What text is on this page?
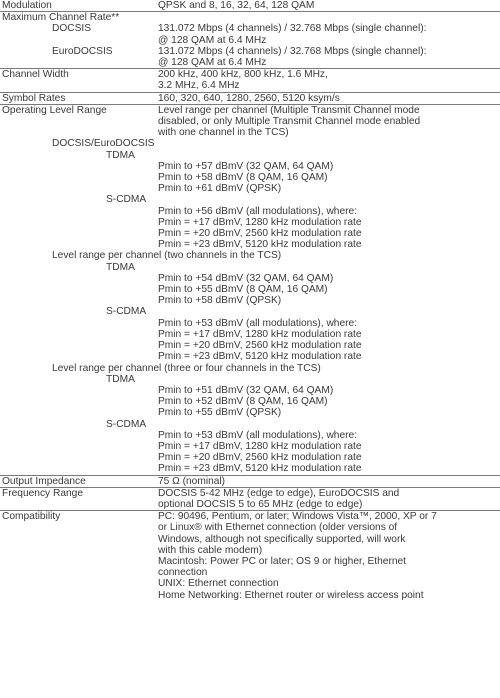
Modulation	QPSK and 8, 16, 32, 64, 128 QAM
Maximum Channel Rate**
DOCSIS	131.072 Mbps (4 channels) / 32.768 Mbps (single channel):
@ 128 QAM at 6.4 MHz
EuroDOCSIS	131.072 Mbps (4 channels) / 32.768 Mbps (single channel):
@ 128 QAM at 6.4 MHz
Channel Width	200 kHz, 400 kHz, 800 kHz, 1.6 MHz,
3.2 MHz, 6.4 MHz
Symbol Rates	160, 320, 640, 1280, 2560, 5120 ksym/s
Operating Level Range	Level range per channel (Multiple Transmit Channel mode
disabled, or only Multiple Transmit Channel mode enabled
with one channel in the TCS)
DOCSIS/EuroDOCSIS
TDMA
Pmin to +57 dBmV (32 QAM, 64 QAM)
Pmin to +58 dBmV (8 QAM, 16 QAM)
Pmin to +61 dBmV (QPSK)
S-CDMA
Pmin to +56 dBmV (all modulations), where:
Pmin = +17 dBmV, 1280 kHz modulation rate
Pmin = +20 dBmV, 2560 kHz modulation rate
Pmin = +23 dBmV, 5120 kHz modulation rate
Level range per channel (two channels in the TCS)
TDMA
Pmin to +54 dBmV (32 QAM, 64 QAM)
Pmin to +55 dBmV (8 QAM, 16 QAM)
Pmin to +58 dBmV (QPSK)
S-CDMA
Pmin to +53 dBmV (all modulations), where:
Pmin = +17 dBmV, 1280 kHz modulation rate
Pmin = +20 dBmV, 2560 kHz modulation rate
Pmin = +23 dBmV, 5120 kHz modulation rate
Level range per channel (three or four channels in the TCS)
TDMA
Pmin to +51 dBmV (32 QAM, 64 QAM)
Pmin to +52 dBmV (8 QAM, 16 QAM)
Pmin to +55 dBmV (QPSK)
S-CDMA
Pmin to +53 dBmV (all modulations), where:
Pmin = +17 dBmV, 1280 kHz modulation rate
Pmin = +20 dBmV, 2560 kHz modulation rate
Pmin = +23 dBmV, 5120 kHz modulation rate
Output Impedance	75 Ω (nominal)
Frequency Range	DOCSIS 5-42 MHz (edge to edge), EuroDOCSIS and
optional DOCSIS 5 to 65 MHz (edge to edge)
Compatibility	PC: 90496, Pentium, or later; Windows Vista™, 2000, XP or 7
or Linux® with Ethernet connection (older versions of
Windows, although not specifically supported, will work
with this cable modem)
Macintosh: Power PC or later; OS 9 or higher, Ethernet
connection
UNIX: Ethernet connection
Home Networking: Ethernet router or wireless access point
